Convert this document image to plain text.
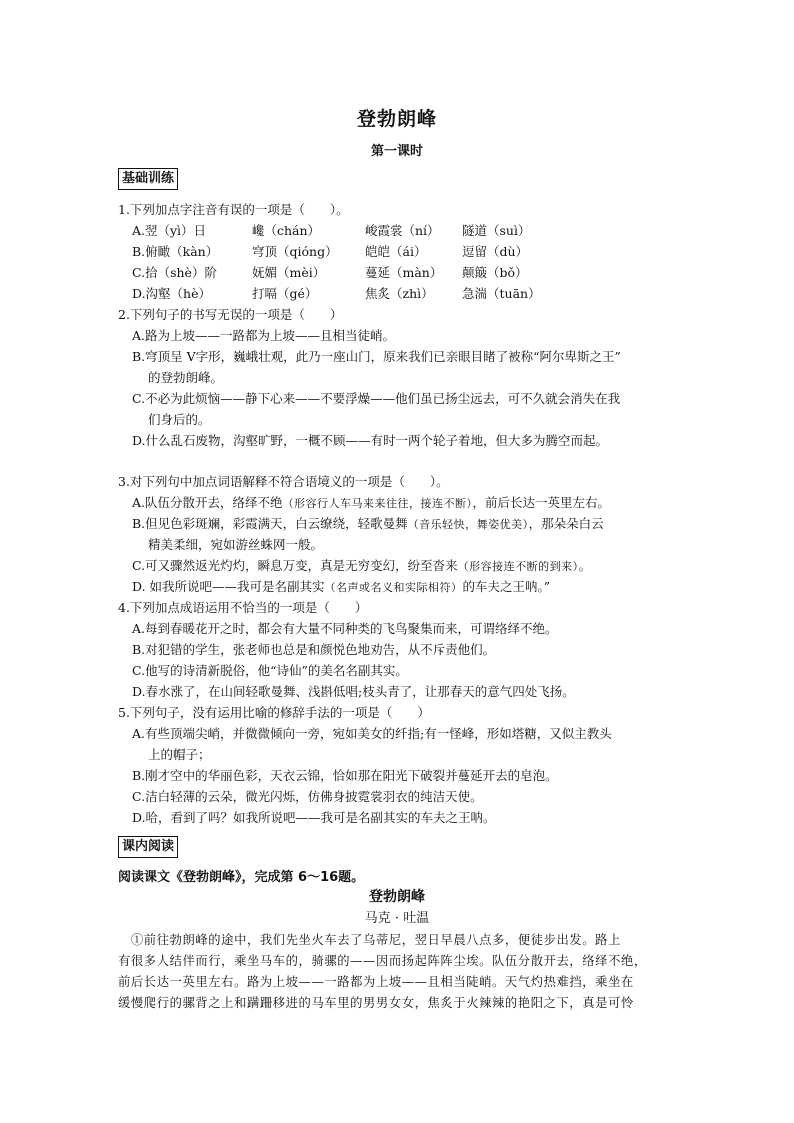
登勃朗峰
第一课时
基础训练
1.下列加点字注音有误的一项是（　　）。
A.翌（yì）日	巉（chán）	峻霞裳（ní） 隧道（suì）
B.俯瞰（kàn）	穹顶（qióng） 皑皑（ái）	逗留（dù）
C.拾（shè）阶	妩媚（mèi）	蔓延（màn） 颠簸（bǒ）
D.沟壑（hè）	打嗝（gé）	焦炙（zhì） 急湍（tuān）
2.下列句子的书写无误的一项是（　　）
A.路为上坡——一路都为上坡——且相当徒峭。
B.穹顶呈 V字形，巍峨壮观，此乃一座山门，原来我们已亲眼目睹了被称“阿尔卑斯之王”
的登勃朗峰。
C.不必为此烦恼——静下心来——不要浮燥——他们虽已扬尘远去，可不久就会消失在我
们身后的。
D.什么乱石废物，沟壑旷野，一概不顾——有时一两个轮子着地，但大多为腾空而起。
3.对下列句中加点词语解释不符合语境义的一项是（　　）。
A.队伍分散开去，络绎不绝（形容行人车马来来往往，接连不断），前后长达一英里左右。
B.但见色彩斑斓，彩霞满天，白云缭绕，轻歌曼舞（音乐轻快，舞姿优美），那朵朵白云
精美柔细，宛如游丝蛛网一般。
C.可又骤然返光灼灼，瞬息万变，真是无穷变幻，纷至沓来（形容接连不断的到来）。
D. 如我所说吧——我可是名副其实（名声或名义和实际相符）的车夫之王呐。”
4.下列加点成语运用不恰当的一项是（　　）
A.每到春暖花开之时，都会有大量不同种类的飞鸟聚集而来，可谓络绎不绝。
B.对犯错的学生，张老师也总是和颜悦色地劝告，从不斥责他们。
C.他写的诗清新脱俗，他“诗仙”的美名名副其实。
D.春水涨了，在山间轻歌曼舞、浅斟低唱;枝头青了，让那春天的意气四处飞扬。
5.下列句子，没有运用比喻的修辞手法的一项是（　　）
A.有些顶端尖峭，并微微倾向一旁，宛如美女的纤指;有一怪峰，形如塔糖，又似主教头
上的帽子；
B.刚才空中的华丽色彩，天衣云锦，恰如那在阳光下破裂并蔓延开去的皂泡。
C.洁白轻薄的云朵，微光闪烁，仿佛身披霓裳羽衣的纯洁天使。
D.哈，看到了吗？如我所说吧——我可是名副其实的车夫之王呐。
课内阅读
阅读课文《登勃朗峰》，完成第 6～16题。
登勃朗峰
马克 · 吐温
　①前往勃朗峰的途中，我们先坐火车去了乌蒂尼，翌日早晨八点多，便徒步出发。路上
有很多人结伴而行，乘坐马车的，骑骡的——因而扬起阵阵尘埃。队伍分散开去，络绎不绝，
前后长达一英里左右。路为上坡——一路都为上坡——且相当陡峭。天气灼热难挡，乘坐在
缓慢爬行的骡背之上和蹒跚移进的马车里的男男女女，焦炙于火辣辣的艳阳之下，真是可怜
